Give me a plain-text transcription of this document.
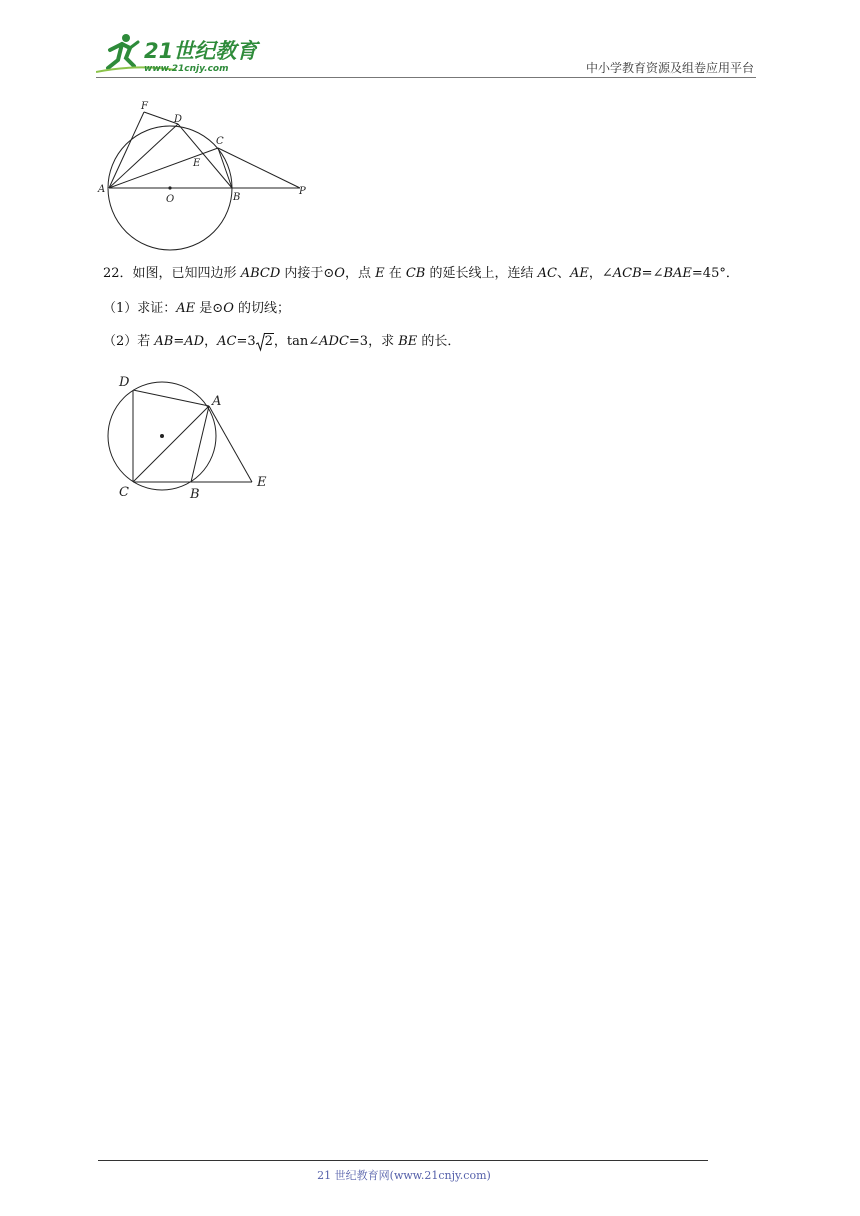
21世纪教育
www.21cnjy.com	中小学教育资源及组卷应用平台
F
D
C
E
A
O	B
P
22．如图，已知四边形 ABCD 内接于⊙O，点 E 在 CB 的延长线上，连结 AC、AE，∠ACB=∠BAE=45°．
（1）求证：AE 是⊙O 的切线；
（2）若 AB=AD，AC=3 2，tan∠ADC=3，求 BE 的长．
D
A
C	B
E
21 世纪教育网(www.21cnjy.com)
